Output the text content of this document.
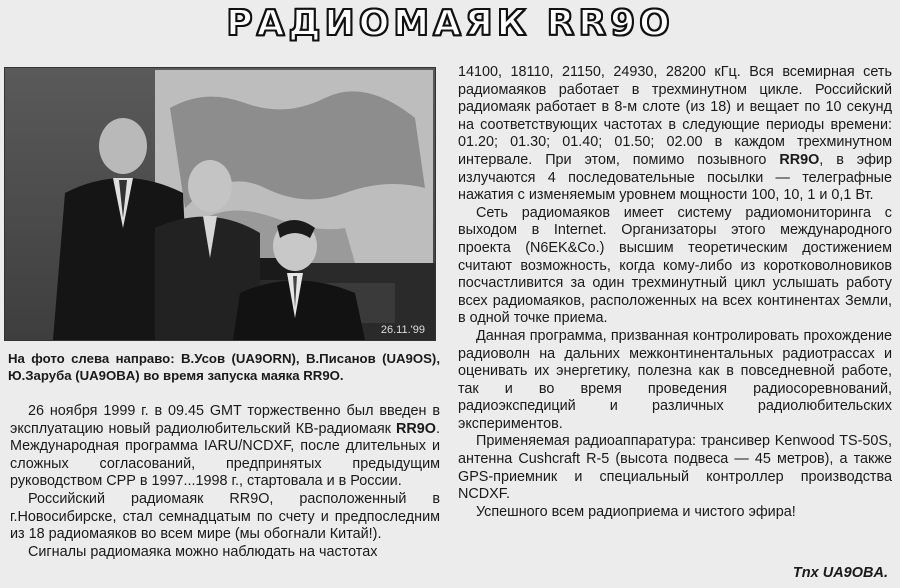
РАДИОМАЯК RR9O
26.11.'99
На фото слева направо: В.Усов (UA9ORN), В.Писанов (UA9OS), Ю.Заруба (UA9OBA) во время запуска маяка RR9O.

26 ноября 1999 г. в 09.45 GMT торжественно был введен в эксплуатацию новый радиолюбительский КВ-радиомаяк RR9O. Международная программа IARU/NCDXF, после длительных и сложных согласований, предпринятых предыдущим руководством СРР в 1997...1998 г., стартовала и в России.

Российский радиомаяк RR9O, расположенный в г.Новосибирске, стал семнадцатым по счету и предпоследним из 18 радиомаяков во всем мире (мы обогнали Китай!).

Сигналы радиомаяка можно наблюдать на частотах

14100, 18110, 21150, 24930, 28200 кГц. Вся всемирная сеть радиомаяков работает в трехминутном цикле. Российский радиомаяк работает в 8-м слоте (из 18) и вещает по 10 секунд на соответствующих частотах в следующие периоды времени: 01.20; 01.30; 01.40; 01.50; 02.00 в каждом трехминутном интервале. При этом, помимо позывного RR9O, в эфир излучаются 4 последовательные посылки — телеграфные нажатия с изменяемым уровнем мощности 100, 10, 1 и 0,1 Вт.

Сеть радиомаяков имеет систему радиомониторинга с выходом в Internet. Организаторы этого международного проекта (N6EK&Co.) высшим теоретическим достижением считают возможность, когда кому-либо из коротковолновиков посчастливится за один трехминутный цикл услышать работу всех радиомаяков, расположенных на всех континентах Земли, в одной точке приема.

Данная программа, призванная контролировать прохождение радиоволн на дальних межконтинентальных радиотрассах и оценивать их энергетику, полезна как в повседневной работе, так и во время проведения радиосоревнований, радиоэкспедиций и различных радиолюбительских экспериментов.

Применяемая радиоаппаратура: трансивер Kenwood TS-50S, антенна Cushcraft R-5 (высота подвеса — 45 метров), а также GPS-приемник и специальный контроллер производства NCDXF.

Успешного всем радиоприема и чистого эфира!

Tnx UA9OBA.
